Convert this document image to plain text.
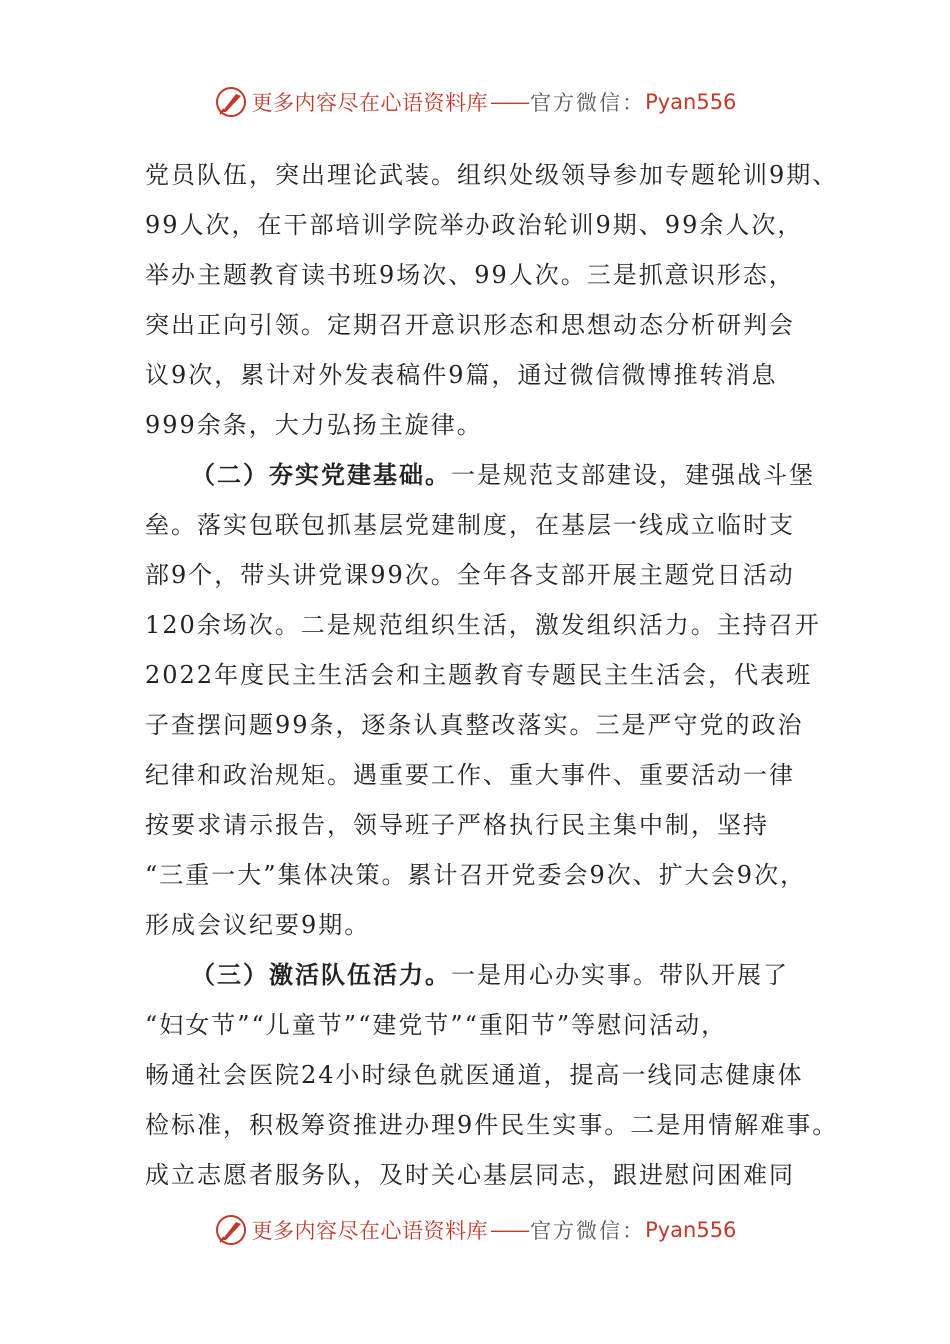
更多内容尽在心语资料库 —— 官方微信 ： Pyan556
党员队伍，突出理论武装。组织处级领导参加专题轮训9期、
99人次，在干部培训学院举办政治轮训9期、99余人次，
举办主题教育读书班9场次、99人次。三是抓意识形态，
突出正向引领。定期召开意识形态和思想动态分析研判会
议9次，累计对外发表稿件9篇，通过微信微博推转消息
999余条，大力弘扬主旋律。
（二）夯实党建基础。一是规范支部建设，建强战斗堡
垒。落实包联包抓基层党建制度，在基层一线成立临时支
部9个，带头讲党课99次。全年各支部开展主题党日活动
120余场次。二是规范组织生活，激发组织活力。主持召开
2022年度民主生活会和主题教育专题民主生活会，代表班
子查摆问题99条，逐条认真整改落实。三是严守党的政治
纪律和政治规矩。遇重要工作、重大事件、重要活动一律
按要求请示报告，领导班子严格执行民主集中制，坚持
“三重一大”集体决策。累计召开党委会9次、扩大会9次，
形成会议纪要9期。
（三）激活队伍活力。一是用心办实事。带队开展了
“妇女节”“儿童节”“建党节”“重阳节”等慰问活动，
畅通社会医院24小时绿色就医通道，提高一线同志健康体
检标准，积极筹资推进办理9件民生实事。二是用情解难事。
成立志愿者服务队，及时关心基层同志，跟进慰问困难同
更多内容尽在心语资料库 —— 官方微信 ： Pyan556
